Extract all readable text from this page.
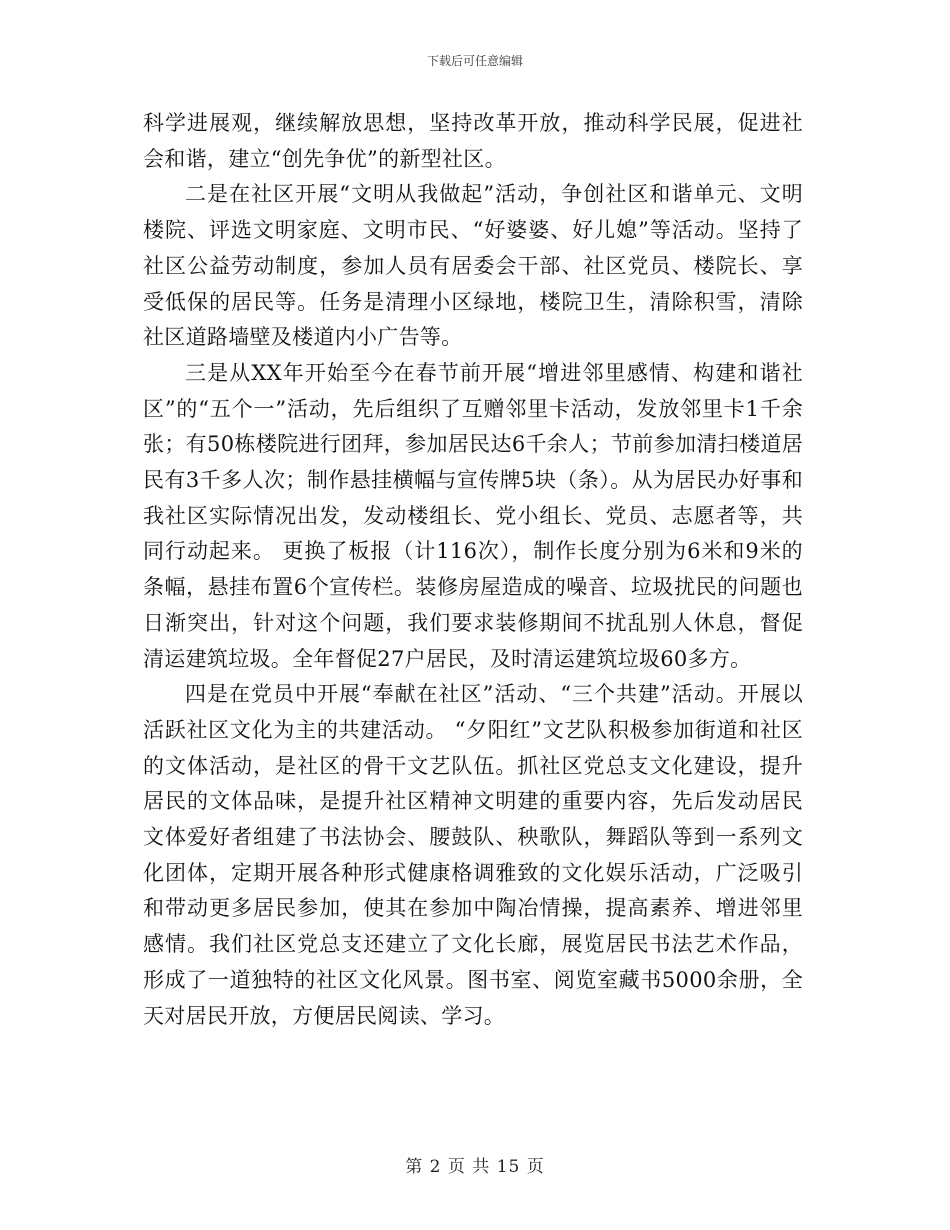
下载后可任意编辑

科学进展观，继续解放思想，坚持改革开放，推动科学民展，促进社会和谐，建立“创先争优”的新型社区。

二是在社区开展“文明从我做起”活动，争创社区和谐单元、文明楼院、评选文明家庭、文明市民、“好婆婆、好儿媳”等活动。坚持了社区公益劳动制度，参加人员有居委会干部、社区党员、楼院长、享受低保的居民等。任务是清理小区绿地，楼院卫生，清除积雪，清除社区道路墙壁及楼道内小广告等。

三是从XX年开始至今在春节前开展“增进邻里感情、构建和谐社区”的“五个一”活动，先后组织了互赠邻里卡活动，发放邻里卡1千余张；有50栋楼院进行团拜，参加居民达6千余人；节前参加清扫楼道居民有3千多人次；制作悬挂横幅与宣传牌5块（条）。从为居民办好事和我社区实际情况出发，发动楼组长、党小组长、党员、志愿者等，共同行动起来。 更换了板报（计116次），制作长度分别为6米和9米的条幅，悬挂布置6个宣传栏。装修房屋造成的噪音、垃圾扰民的问题也日渐突出，针对这个问题，我们要求装修期间不扰乱别人休息，督促清运建筑垃圾。全年督促27户居民，及时清运建筑垃圾60多方。

四是在党员中开展“奉献在社区”活动、“三个共建”活动。开展以活跃社区文化为主的共建活动。 “夕阳红”文艺队积极参加街道和社区的文体活动，是社区的骨干文艺队伍。抓社区党总支文化建设，提升居民的文体品味，是提升社区精神文明建的重要内容，先后发动居民文体爱好者组建了书法协会、腰鼓队、秧歌队，舞蹈队等到一系列文化团体，定期开展各种形式健康格调雅致的文化娱乐活动，广泛吸引和带动更多居民参加，使其在参加中陶冶情操，提高素养、增进邻里感情。我们社区党总支还建立了文化长廊，展览居民书法艺术作品，形成了一道独特的社区文化风景。图书室、阅览室藏书5000余册，全天对居民开放，方便居民阅读、学习。

第 2 页 共 15 页
